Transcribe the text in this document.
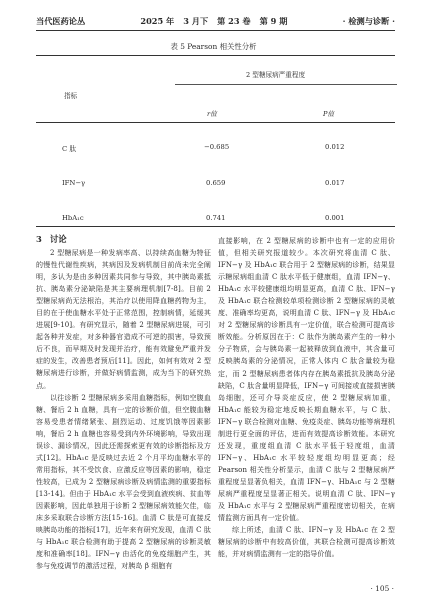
当代医药论丛	2025 年 3 月下 第 23 卷 第 9 期	· 检测与诊断 ·
表 5 Pearson 相关性分析
2 型糖尿病严重程度
指标
r值	P值
C 肽	−0.685	0.012
IFN−γ	0.659	0.017
HbA₁c	0.741	0.001
3 讨论

2 型糖尿病是一种发病率高、以持续高血糖为特征的慢性代谢性疾病，其病因及发病机制目前尚未完全阐明，多认为是由多种因素共同参与导致，其中胰岛素抵抗、胰岛素分泌缺陷是其主要病理机制[7-8]。目前 2 型糖尿病尚无法根治，其治疗以使用降血糖药物为主，目的在于使血糖水平处于正常范围，控制病情，延缓其进展[9-10]。有研究显示，随着 2 型糖尿病进展，可引起各种并发症，对多种器官造成不可逆的损害，导致预后不良，而早期及时发现并治疗，能有效避免严重并发症的发生，改善患者预后[11]。因此，如何有效对 2 型糖尿病进行诊断，并做好病情监测，成为当下的研究热点。

以往诊断 2 型糖尿病多采用血糖指标，例如空腹血糖、餐后 2 h 血糖，具有一定的诊断价值，但空腹血糖容易受患者情绪紧张、剧烈运动、过度饥饿等因素影响，餐后 2 h 血糖也容易受到内外环境影响，导致出现误诊、漏诊情况，因此还需探索更有效的诊断指标及方式[12]。HbA₁c 是反映过去近 2 个月平均血糖水平的常用指标，其不受饮食、应激反应等因素的影响，稳定性较高，已成为 2 型糖尿病诊断及病情监测的重要指标[13-14]。但由于 HbA₁c 水平会受到血液疾病、贫血等因素影响，因此单独用于诊断 2 型糖尿病效能欠佳，临床多采取联合诊断方法[15-16]。血清 C 肽是可直接反映胰岛功能的指标[17]，近年来有研究发现，血清 C 肽与 HbA₁c 联合检测有助于提高 2 型糖尿病的诊断灵敏度和准确率[18]。IFN−γ 由活化的免疫细胞产生，其参与免疫调节的激活过程，对胰岛 β 细胞有

直接影响，在 2 型糖尿病的诊断中也有一定的应用价值，但相关研究报道较少。本次研究将血清 C 肽、IFN−γ 及 HbA₁c 联合用于 2 型糖尿病的诊断，结果显示糖尿病组血清 C 肽水平低于健康组，血清 IFN−γ、HbA₁c 水平较健康组均明显更高，血清 C 肽、IFN−γ 及 HbA₁c 联合检测较单项检测诊断 2 型糖尿病的灵敏度、准确率均更高，说明血清 C 肽、IFN−γ 及 HbA₁c 对 2 型糖尿病的诊断具有一定价值，联合检测可提高诊断效能。分析原因在于：C 肽作为胰岛素产生的一种小分子物质，会与胰岛素一起被释放到血液中，其含量可反映胰岛素的分泌情况，正常人体内 C 肽含量较为稳定，而 2 型糖尿病患者体内存在胰岛素抵抗及胰岛分泌缺陷，C 肽含量明显降低，IFN−γ 可间接或直接损害胰岛细胞，还可介导炎症反应，使 2 型糖尿病加重，HbA₁c 能较为稳定地反映长期血糖水平，与 C 肽、IFN−γ 联合检测对血糖、免疫炎症、胰岛功能等病理机制进行更全面的评估，进而有效提高诊断效能。本研究还发现，重度组血清 C 肽水平低于轻度组，血清 IFN−γ、HbA₁c 水平较轻度组均明显更高；经 Pearson 相关性分析显示，血清 C 肽与 2 型糖尿病严重程度呈显著负相关，血清 IFN−γ、HbA₁c 与 2 型糖尿病严重程度呈显著正相关。说明血清 C 肽、IFN−γ 及 HbA₁c 水平与 2 型糖尿病严重程度密切相关，在病情监测方面具有一定价值。

综上所述，血清 C 肽、IFN−γ 及 HbA₁c 在 2 型糖尿病的诊断中有较高价值，其联合检测可提高诊断效能，并对病情监测有一定的指导价值。

· 105 ·
